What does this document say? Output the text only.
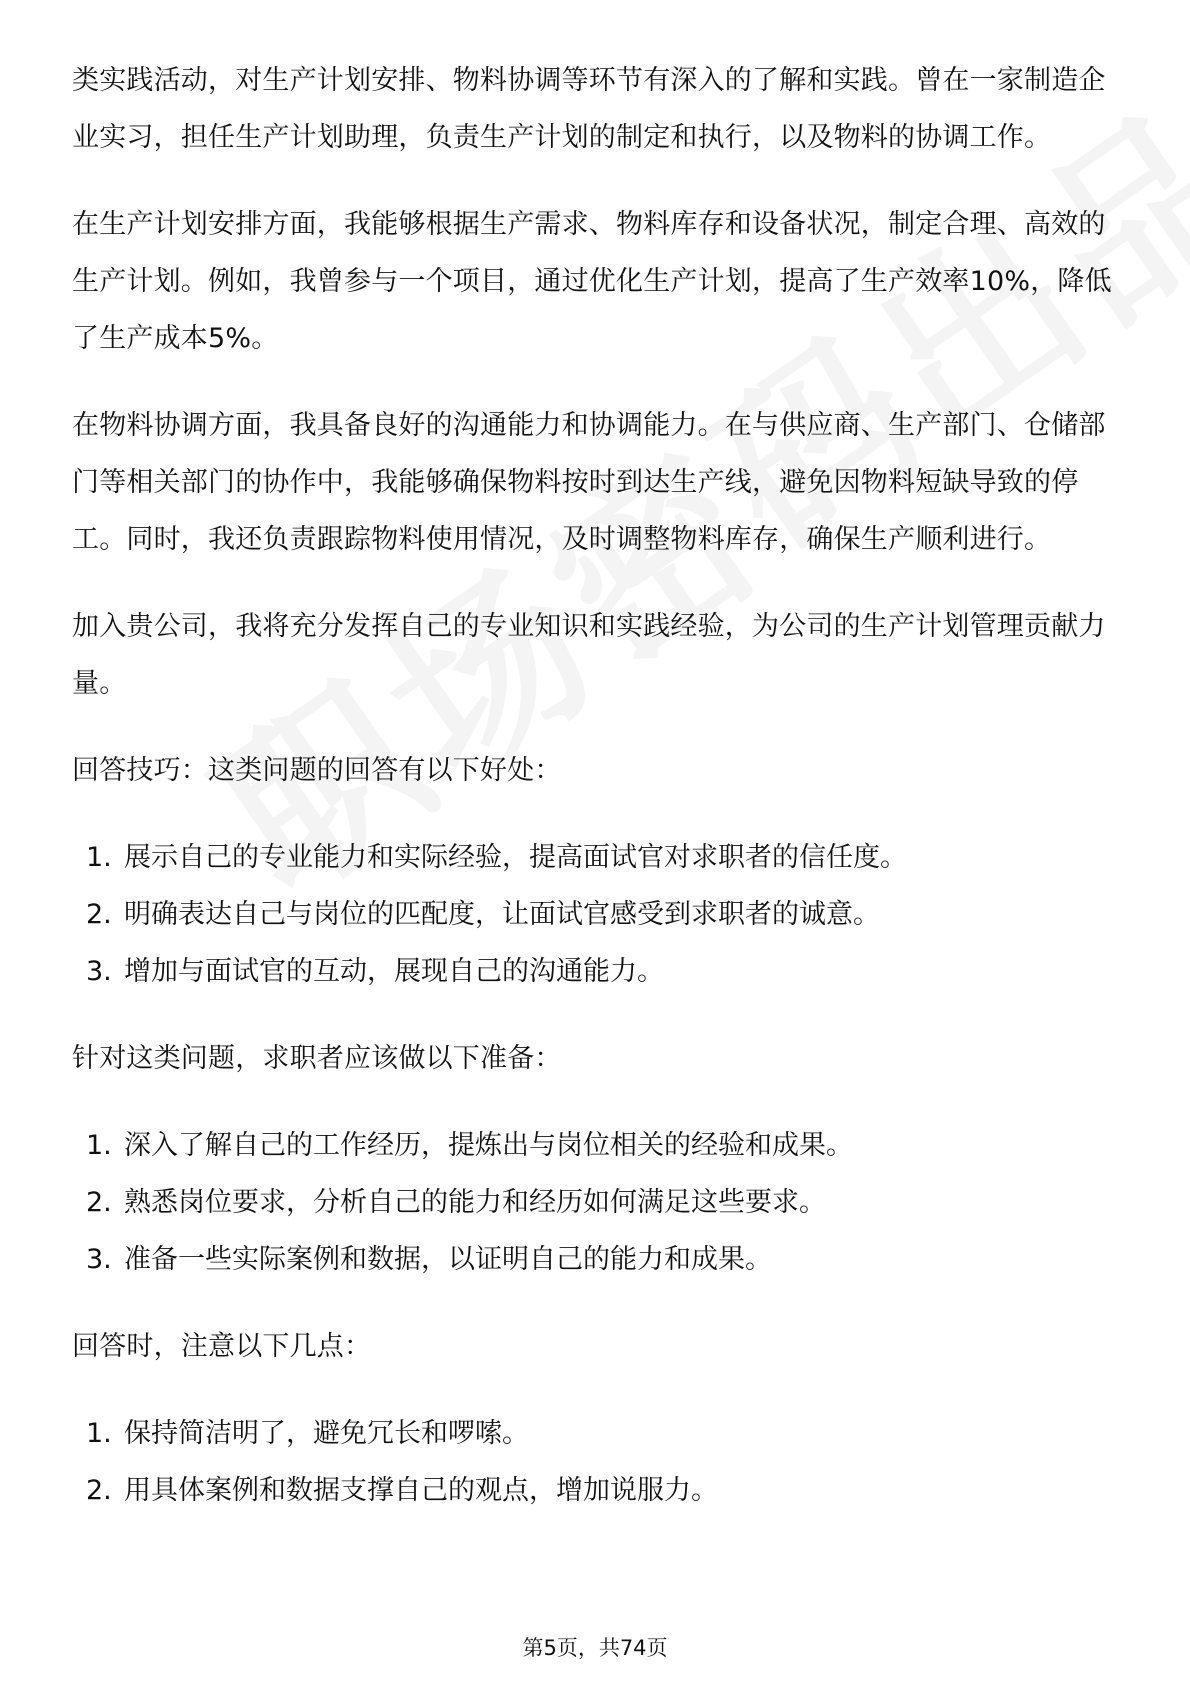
类实践活动，对生产计划安排、物料协调等环节有深入的了解和实践。曾在一家制造企业实习，担任生产计划助理，负责生产计划的制定和执行，以及物料的协调工作。

在生产计划安排方面，我能够根据生产需求、物料库存和设备状况，制定合理、高效的生产计划。例如，我曾参与一个项目，通过优化生产计划，提高了生产效率10%，降低了生产成本5%。

在物料协调方面，我具备良好的沟通能力和协调能力。在与供应商、生产部门、仓储部门等相关部门的协作中，我能够确保物料按时到达生产线，避免因物料短缺导致的停工。同时，我还负责跟踪物料使用情况，及时调整物料库存，确保生产顺利进行。

加入贵公司，我将充分发挥自己的专业知识和实践经验，为公司的生产计划管理贡献力量。

回答技巧：这类问题的回答有以下好处：

1. 展示自己的专业能力和实际经验，提高面试官对求职者的信任度。
2. 明确表达自己与岗位的匹配度，让面试官感受到求职者的诚意。
3. 增加与面试官的互动，展现自己的沟通能力。

针对这类问题，求职者应该做以下准备：

1. 深入了解自己的工作经历，提炼出与岗位相关的经验和成果。
2. 熟悉岗位要求，分析自己的能力和经历如何满足这些要求。
3. 准备一些实际案例和数据，以证明自己的能力和成果。

回答时，注意以下几点：

1. 保持简洁明了，避免冗长和啰嗦。
2. 用具体案例和数据支撑自己的观点，增加说服力。
第5页，共74页
